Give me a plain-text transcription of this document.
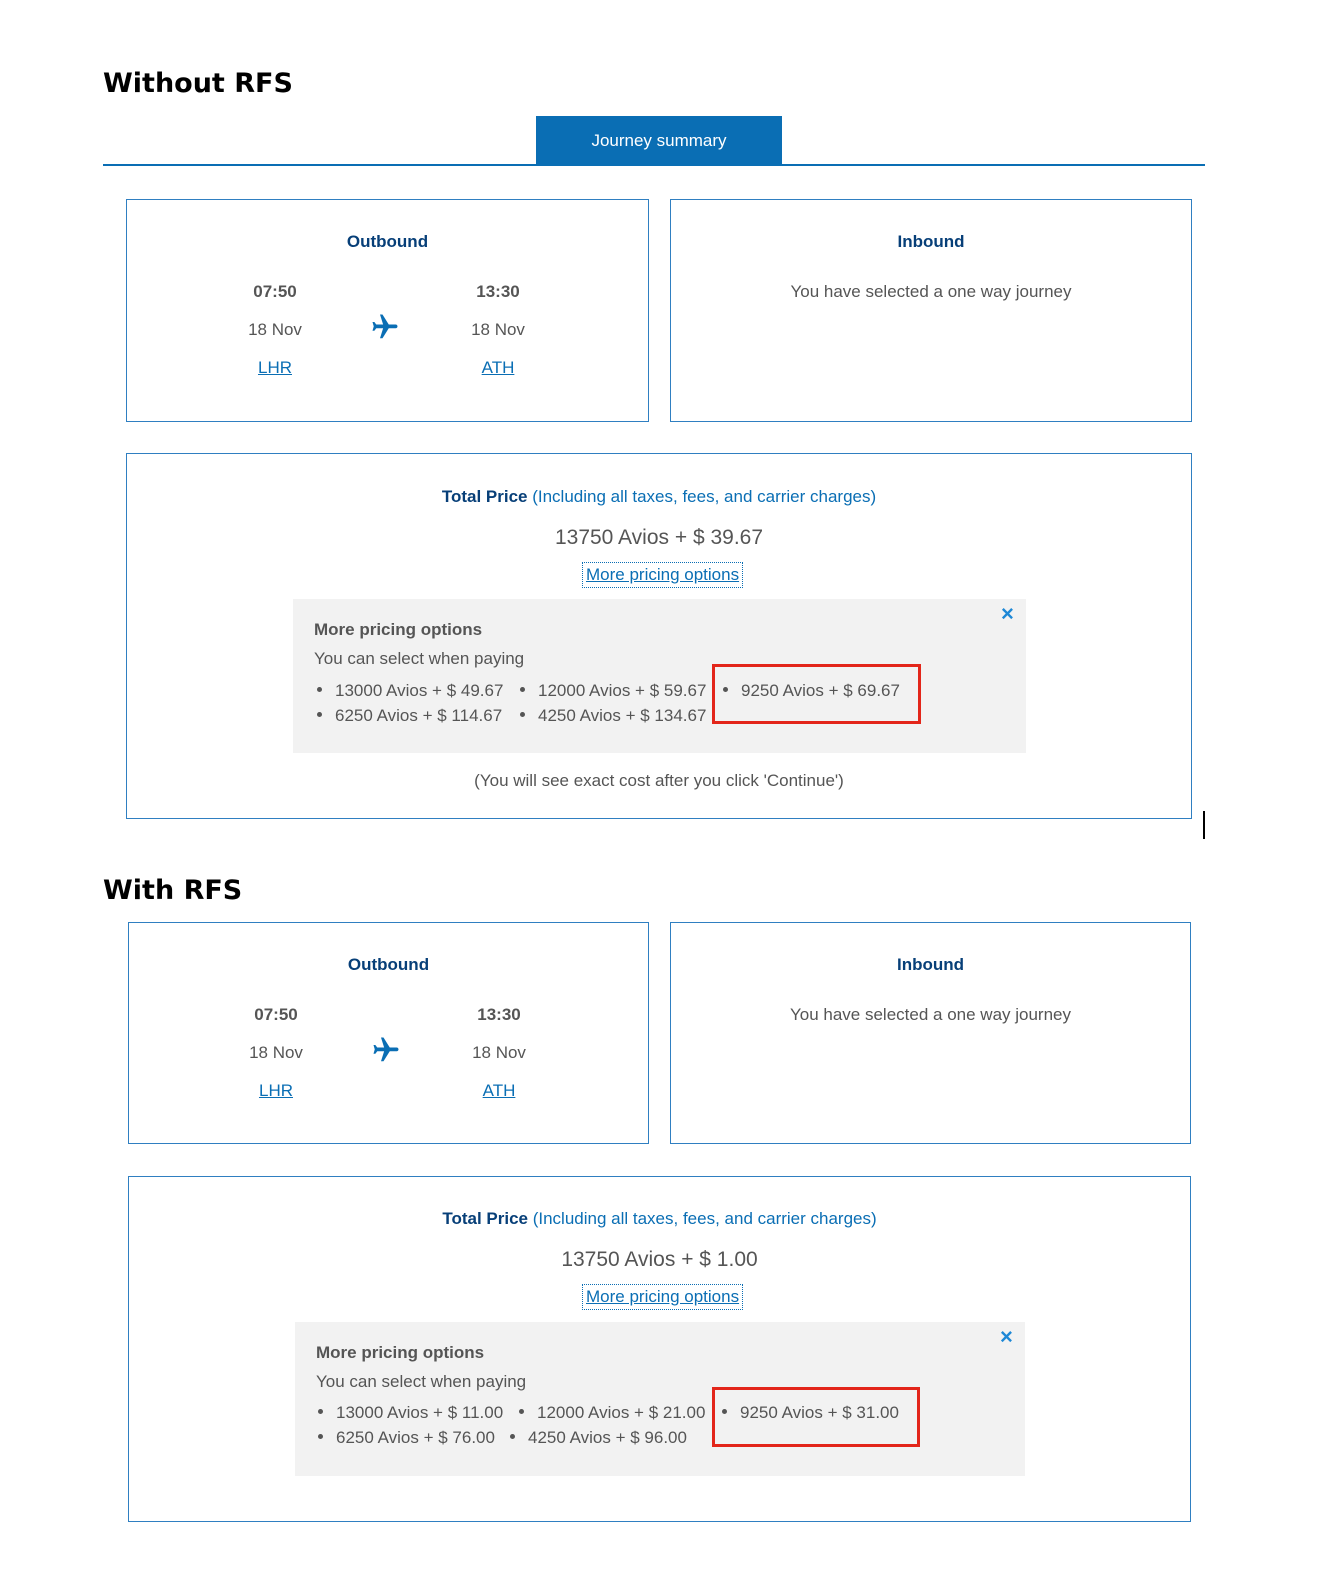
Without RFS
Journey summary
Outbound
07:50	13:30
18 Nov	18 Nov
LHR	ATH
Inbound
You have selected a one way journey
Total Price (Including all taxes, fees, and carrier charges)
13750 Avios + $ 39.67
More pricing options
More pricing options
You can select when paying
×
13000 Avios + $ 49.67	12000 Avios + $ 59.67	9250 Avios + $ 69.67
6250 Avios + $ 114.67	4250 Avios + $ 134.67
(You will see exact cost after you click 'Continue')
With RFS
Outbound
07:50	13:30
18 Nov	18 Nov
LHR	ATH
Inbound
You have selected a one way journey
Total Price (Including all taxes, fees, and carrier charges)
13750 Avios + $ 1.00
More pricing options
More pricing options
You can select when paying
×
13000 Avios + $ 11.00	12000 Avios + $ 21.00	9250 Avios + $ 31.00
6250 Avios + $ 76.00	4250 Avios + $ 96.00
